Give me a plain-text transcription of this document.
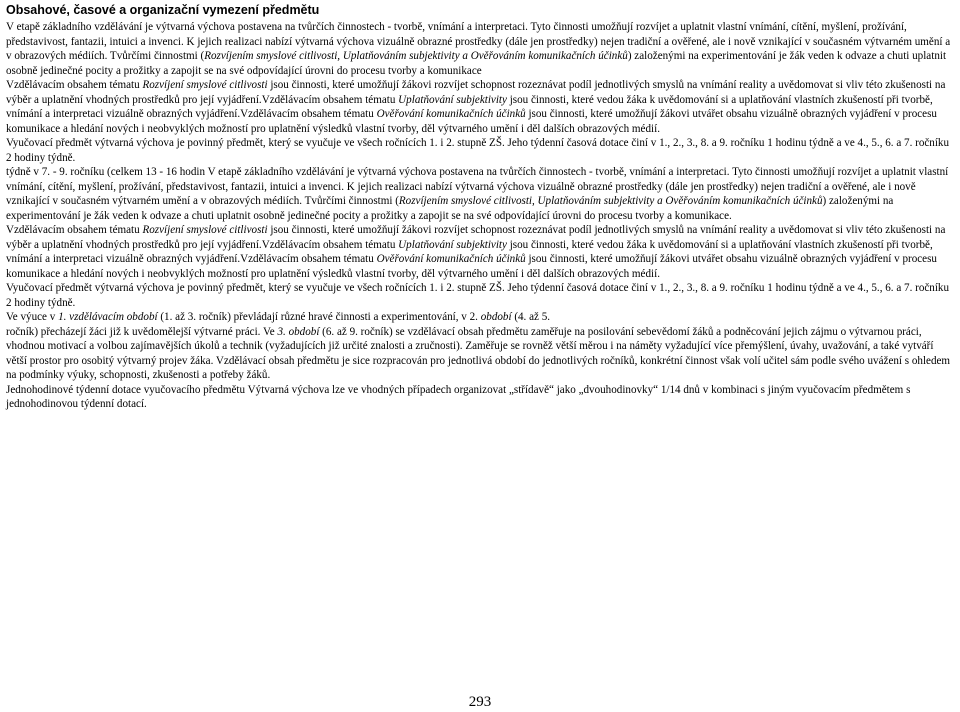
Obsahové, časové a organizační vymezení předmětu

V etapě základního vzdělávání je výtvarná výchova postavena na tvůrčích činnostech - tvorbě, vnímání a interpretaci. Tyto činnosti umožňují rozvíjet a uplatnit vlastní vnímání, cítění, myšlení, prožívání, představivost, fantazii, intuici a invenci. K jejich realizaci nabízí výtvarná výchova vizuálně obrazné prostředky (dále jen prostředky) nejen tradiční a ověřené, ale i nově vznikající v současném výtvarném umění a v obrazových médiích. Tvůrčími činnostmi (Rozvíjením smyslové citlivosti, Uplatňováním subjektivity a Ověřováním komunikačních účinků) založenými na experimentování je žák veden k odvaze a chuti uplatnit osobně jedinečné pocity a prožitky a zapojit se na své odpovídající úrovni do procesu tvorby a komunikace

Vzdělávacím obsahem tématu Rozvíjení smyslové citlivosti jsou činnosti, které umožňují žákovi rozvíjet schopnost rozeznávat podíl jednotlivých smyslů na vnímání reality a uvědomovat si vliv této zkušenosti na výběr a uplatnění vhodných prostředků pro její vyjádření.Vzdělávacím obsahem tématu Uplatňování subjektivity jsou činnosti, které vedou žáka k uvědomování si a uplatňování vlastních zkušeností při tvorbě, vnímání a interpretaci vizuálně obrazných vyjádření.Vzdělávacím obsahem tématu Ověřování komunikačních účinků jsou činnosti, které umožňují žákovi utvářet obsahu vizuálně obrazných vyjádření v procesu komunikace a hledání nových i neobvyklých možností pro uplatnění výsledků vlastní tvorby, děl výtvarného umění i děl dalších obrazových médií.

Vyučovací předmět výtvarná výchova je povinný předmět, který se vyučuje ve všech ročnících 1. i 2. stupně ZŠ. Jeho týdenní časová dotace činí v 1., 2., 3., 8. a 9. ročníku 1 hodinu týdně a ve 4., 5., 6. a 7. ročníku 2 hodiny týdně.

týdně v 7. - 9. ročníku (celkem 13 - 16 hodin V etapě základního vzdělávání je výtvarná výchova postavena na tvůrčích činnostech - tvorbě, vnímání a interpretaci. Tyto činnosti umožňují rozvíjet a uplatnit vlastní

vnímání, cítění, myšlení, prožívání, představivost, fantazii, intuici a invenci. K jejich realizaci nabízí výtvarná výchova vizuálně obrazné prostředky (dále jen prostředky) nejen tradiční a ověřené, ale i nově vznikající v současném výtvarném umění a v obrazových médiích. Tvůrčími činnostmi (Rozvíjením smyslové citlivosti, Uplatňováním subjektivity a Ověřováním komunikačních účinků) založenými na experimentování je žák veden k odvaze a chuti uplatnit osobně jedinečné pocity a prožitky a zapojit se na své odpovídající úrovni do procesu tvorby a komunikace.

Vzdělávacím obsahem tématu Rozvíjení smyslové citlivosti jsou činnosti, které umožňují žákovi rozvíjet schopnost rozeznávat podíl jednotlivých smyslů na vnímání reality a uvědomovat si vliv této zkušenosti na výběr a uplatnění vhodných prostředků pro její vyjádření.Vzdělávacím obsahem tématu Uplatňování subjektivity jsou činnosti, které vedou žáka k uvědomování si a uplatňování vlastních zkušeností při tvorbě, vnímání a interpretaci vizuálně obrazných vyjádření.Vzdělávacím obsahem tématu Ověřování komunikačních účinků jsou činnosti, které umožňují žákovi utvářet obsahu vizuálně obrazných vyjádření v procesu komunikace a hledání nových i neobvyklých možností pro uplatnění výsledků vlastní tvorby, děl výtvarného umění i děl dalších obrazových médií.

Vyučovací předmět výtvarná výchova je povinný předmět, který se vyučuje ve všech ročnících 1. i 2. stupně ZŠ. Jeho týdenní časová dotace činí v 1., 2., 3., 8. a 9. ročníku 1 hodinu týdně a ve 4., 5., 6. a 7. ročníku 2 hodiny týdně.

Ve výuce v 1. vzdělávacím období (1. až 3. ročník) převládají různé hravé činnosti a experimentování, v 2. období (4. až 5.

ročník) přecházejí žáci již k uvědomělejší výtvarné práci. Ve 3. období (6. až 9. ročník) se vzdělávací obsah předmětu zaměřuje na posilování sebevědomí žáků a podněcování jejich zájmu o výtvarnou práci, vhodnou motivací a volbou zajímavějších úkolů a technik (vyžadujících již určité znalosti a zručnosti). Zaměřuje se rovněž větší měrou i na náměty vyžadující více přemýšlení, úvahy, uvažování, a také vytváří větší prostor pro osobitý výtvarný projev žáka. Vzdělávací obsah předmětu je sice rozpracován pro jednotlivá období do jednotlivých ročníků, konkrétní činnost však volí učitel sám podle svého uvážení s ohledem na podmínky výuky, schopnosti, zkušenosti a potřeby žáků.

Jednohodinové týdenní dotace vyučovacího předmětu Výtvarná výchova lze ve vhodných případech organizovat „střídavě“ jako „dvouhodinovky“ 1/14 dnů v kombinaci s jiným vyučovacím předmětem s jednohodinovou týdenní dotací.

293
